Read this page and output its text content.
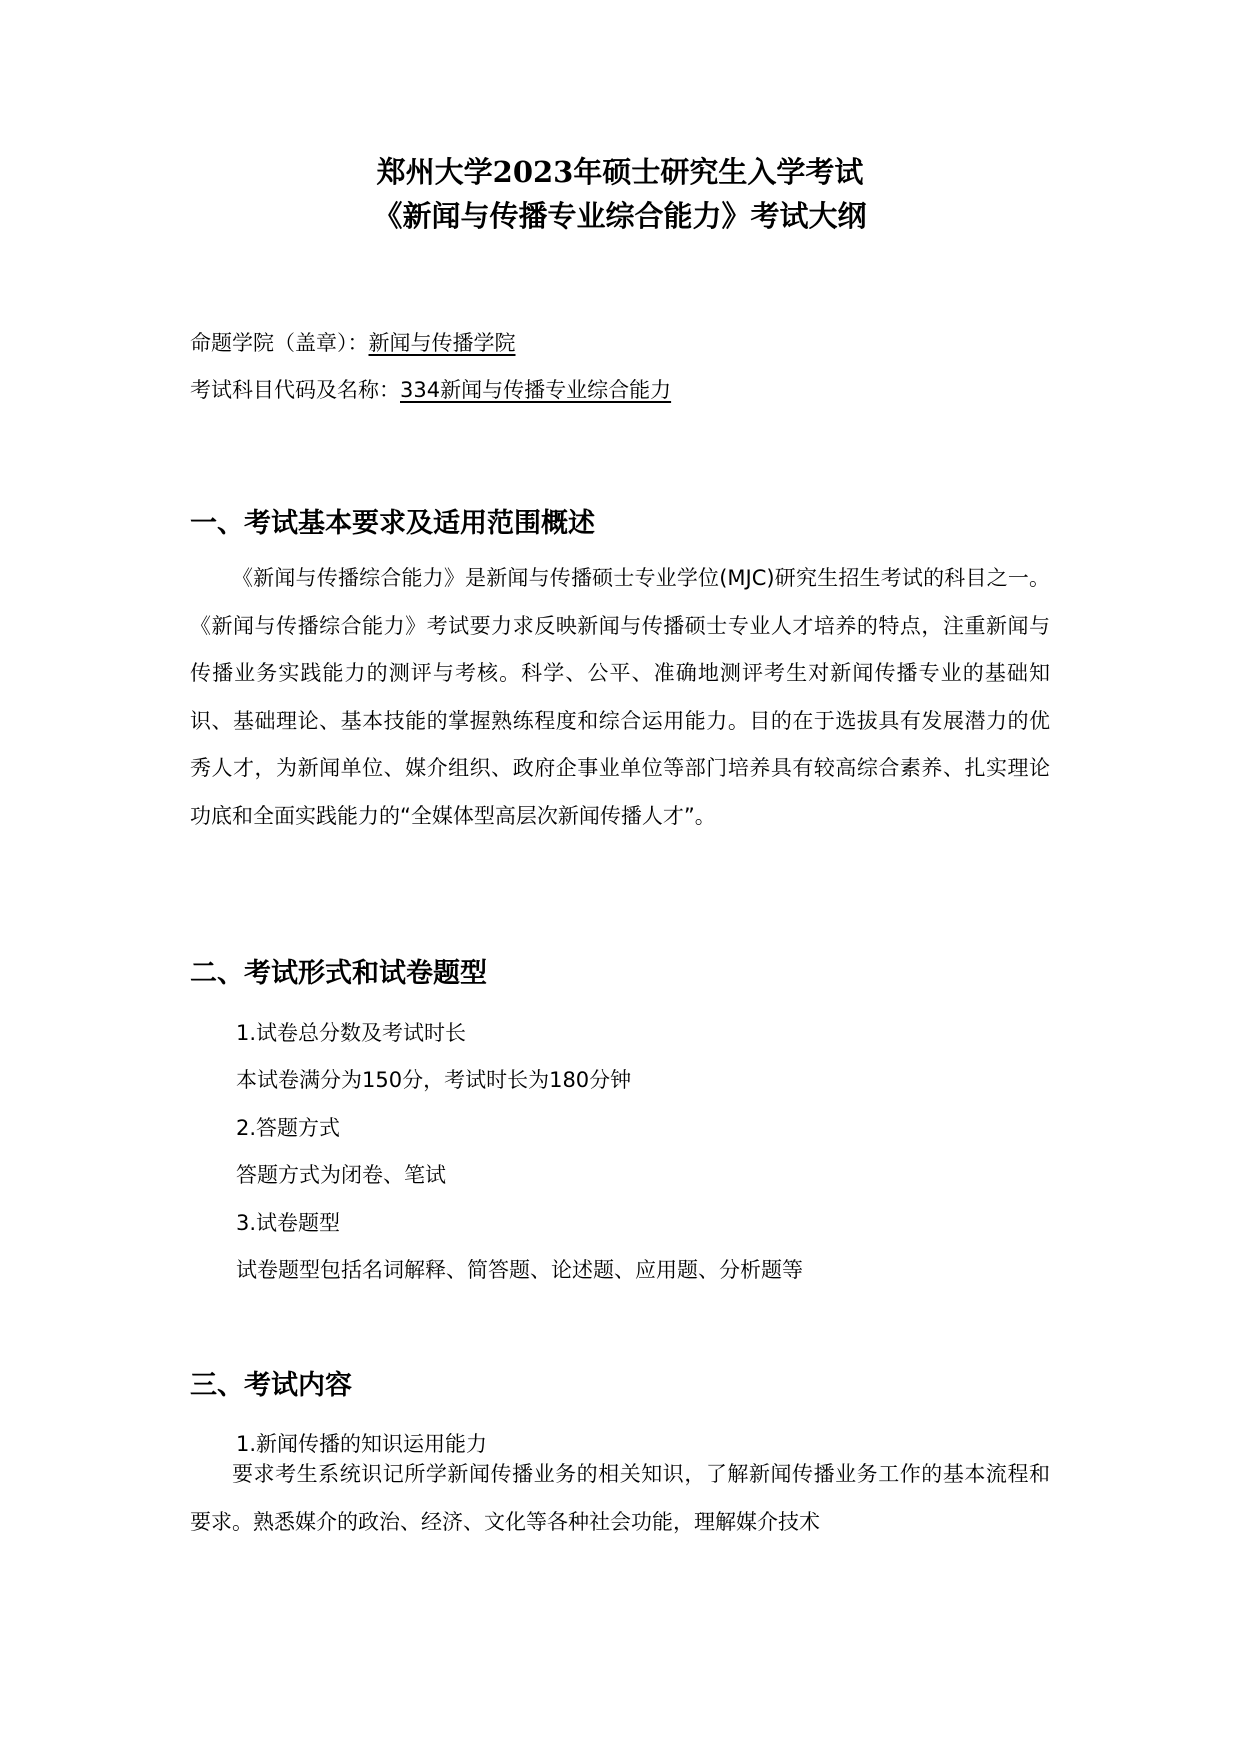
郑州大学2023年硕士研究生入学考试
《新闻与传播专业综合能力》考试大纲
命题学院（盖章）：新闻与传播学院
考试科目代码及名称：334新闻与传播专业综合能力
一、考试基本要求及适用范围概述

《新闻与传播综合能力》是新闻与传播硕士专业学位(MJC)研究生招生考试的科目之一。《新闻与传播综合能力》考试要力求反映新闻与传播硕士专业人才培养的特点，注重新闻与传播业务实践能力的测评与考核。科学、公平、准确地测评考生对新闻传播专业的基础知识、基础理论、基本技能的掌握熟练程度和综合运用能力。目的在于选拔具有发展潜力的优秀人才，为新闻单位、媒介组织、政府企事业单位等部门培养具有较高综合素养、扎实理论功底和全面实践能力的“全媒体型高层次新闻传播人才”。

二、考试形式和试卷题型
1.试卷总分数及考试时长
本试卷满分为150分，考试时长为180分钟
2.答题方式
答题方式为闭卷、笔试
3.试卷题型
试卷题型包括名词解释、简答题、论述题、应用题、分析题等
三、考试内容
1.新闻传播的知识运用能力

要求考生系统识记所学新闻传播业务的相关知识，了解新闻传播业务工作的基本流程和要求。熟悉媒介的政治、经济、文化等各种社会功能，理解媒介技术
